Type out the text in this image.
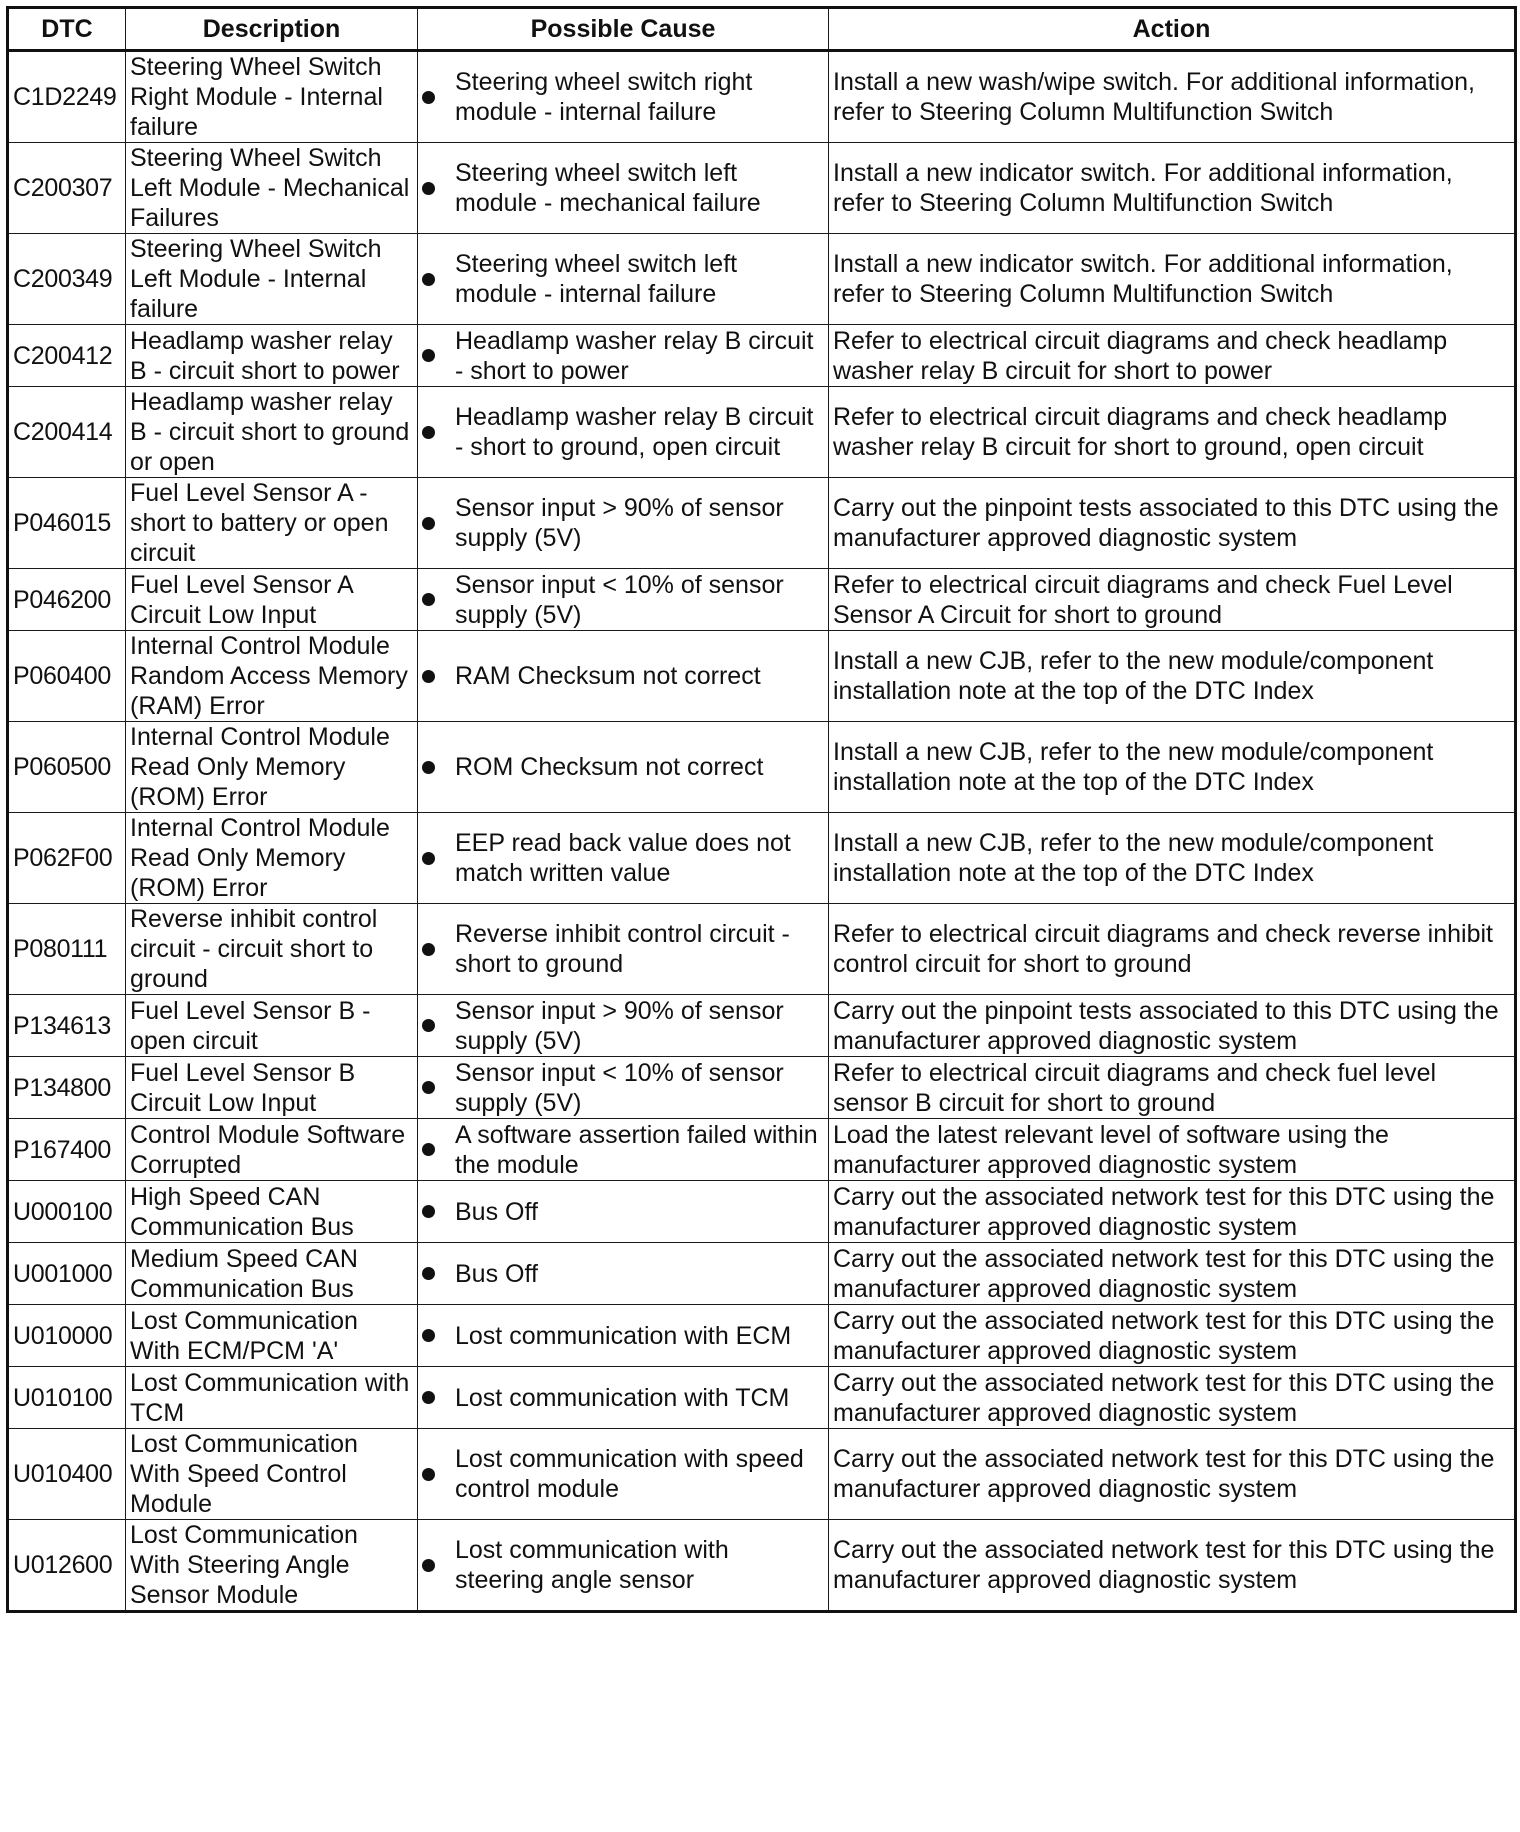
DTC	Description	Possible Cause	Action
C1D2249	Steering Wheel Switch Right Module - Internal failure	Steering wheel switch right module - internal failure	Install a new wash/wipe switch. For additional information, refer to Steering Column Multifunction Switch
C200307	Steering Wheel Switch Left Module - Mechanical Failures	Steering wheel switch left module - mechanical failure	Install a new indicator switch. For additional information, refer to Steering Column Multifunction Switch
C200349	Steering Wheel Switch Left Module - Internal failure	Steering wheel switch left module - internal failure	Install a new indicator switch. For additional information, refer to Steering Column Multifunction Switch
C200412	Headlamp washer relay B - circuit short to power	Headlamp washer relay B circuit - short to power	Refer to electrical circuit diagrams and check headlamp washer relay B circuit for short to power
C200414	Headlamp washer relay B - circuit short to ground or open	Headlamp washer relay B circuit - short to ground, open circuit	Refer to electrical circuit diagrams and check headlamp washer relay B circuit for short to ground, open circuit
P046015	Fuel Level Sensor A - short to battery or open circuit	Sensor input > 90% of sensor supply (5V)	Carry out the pinpoint tests associated to this DTC using the manufacturer approved diagnostic system
P046200	Fuel Level Sensor A Circuit Low Input	Sensor input < 10% of sensor supply (5V)	Refer to electrical circuit diagrams and check Fuel Level Sensor A Circuit for short to ground
P060400	Internal Control Module Random Access Memory (RAM) Error	RAM Checksum not correct	Install a new CJB, refer to the new module/component installation note at the top of the DTC Index
P060500	Internal Control Module Read Only Memory (ROM) Error	ROM Checksum not correct	Install a new CJB, refer to the new module/component installation note at the top of the DTC Index
P062F00	Internal Control Module Read Only Memory (ROM) Error	EEP read back value does not match written value	Install a new CJB, refer to the new module/component installation note at the top of the DTC Index
P080111	Reverse inhibit control circuit - circuit short to ground	Reverse inhibit control circuit - short to ground	Refer to electrical circuit diagrams and check reverse inhibit control circuit for short to ground
P134613	Fuel Level Sensor B - open circuit	Sensor input > 90% of sensor supply (5V)	Carry out the pinpoint tests associated to this DTC using the manufacturer approved diagnostic system
P134800	Fuel Level Sensor B Circuit Low Input	Sensor input < 10% of sensor supply (5V)	Refer to electrical circuit diagrams and check fuel level sensor B circuit for short to ground
P167400	Control Module Software Corrupted	A software assertion failed within the module	Load the latest relevant level of software using the manufacturer approved diagnostic system
U000100	High Speed CAN Communication Bus	Bus Off	Carry out the associated network test for this DTC using the manufacturer approved diagnostic system
U001000	Medium Speed CAN Communication Bus	Bus Off	Carry out the associated network test for this DTC using the manufacturer approved diagnostic system
U010000	Lost Communication With ECM/PCM 'A'	Lost communication with ECM	Carry out the associated network test for this DTC using the manufacturer approved diagnostic system
U010100	Lost Communication with TCM	Lost communication with TCM	Carry out the associated network test for this DTC using the manufacturer approved diagnostic system
U010400	Lost Communication With Speed Control Module	Lost communication with speed control module	Carry out the associated network test for this DTC using the manufacturer approved diagnostic system
U012600	Lost Communication With Steering Angle Sensor Module	Lost communication with steering angle sensor	Carry out the associated network test for this DTC using the manufacturer approved diagnostic system
